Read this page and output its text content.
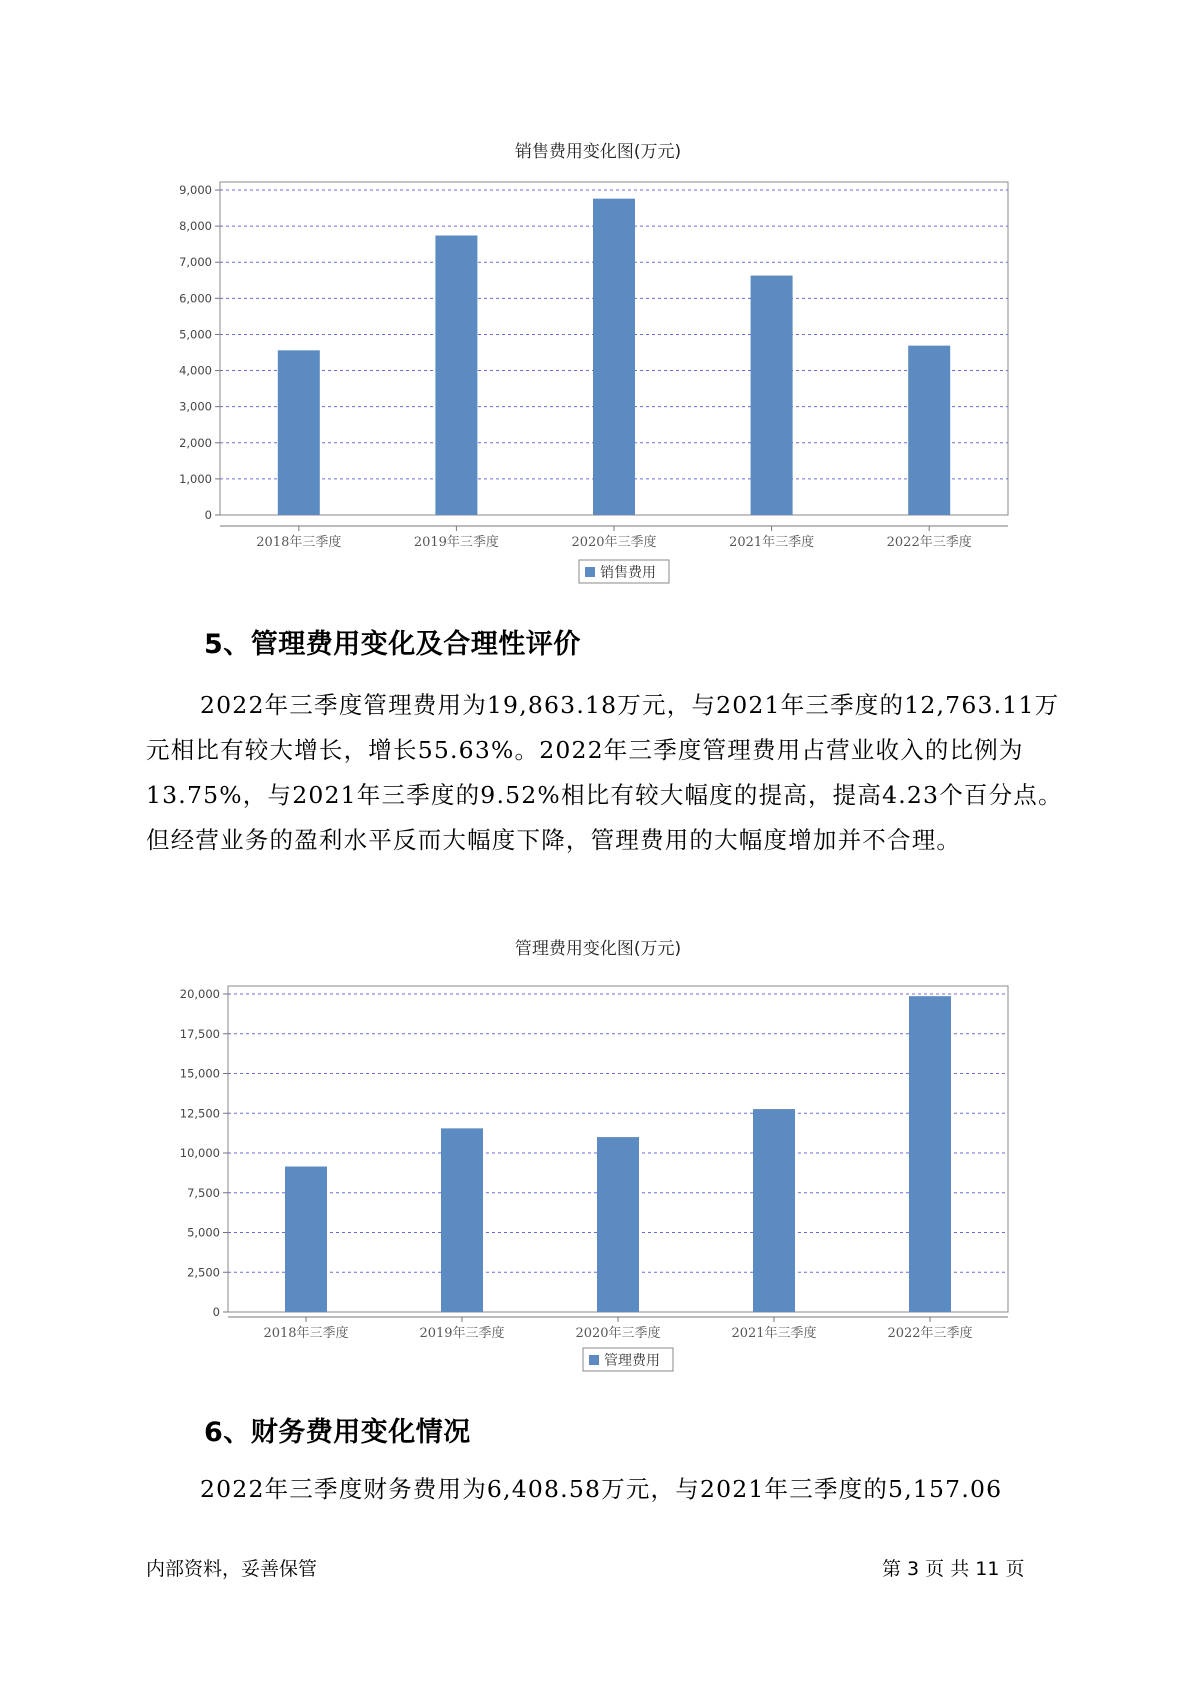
销售费用变化图(万元)
0
1,000
2,000
3,000
4,000
5,000
6,000
7,000
8,000
9,000
2018年三季度	2019年三季度	2020年三季度	2021年三季度	2022年三季度
销售费用
5、管理费用变化及合理性评价

2022年三季度管理费用为19,863.18万元，与2021年三季度的12,763.11万元相比有较大增长，增长55.63%。2022年三季度管理费用占营业收入的比例为13.75%，与2021年三季度的9.52%相比有较大幅度的提高，提高4.23个百分点。但经营业务的盈利水平反而大幅度下降，管理费用的大幅度增加并不合理。

管理费用变化图(万元)
0
2,500
5,000
7,500
10,000
12,500
15,000
17,500
20,000
2018年三季度	2019年三季度	2020年三季度	2021年三季度	2022年三季度
管理费用
6、财务费用变化情况

2022年三季度财务费用为6,408.58万元，与2021年三季度的5,157.06

内部资料，妥善保管	第 3 页 共 11 页
